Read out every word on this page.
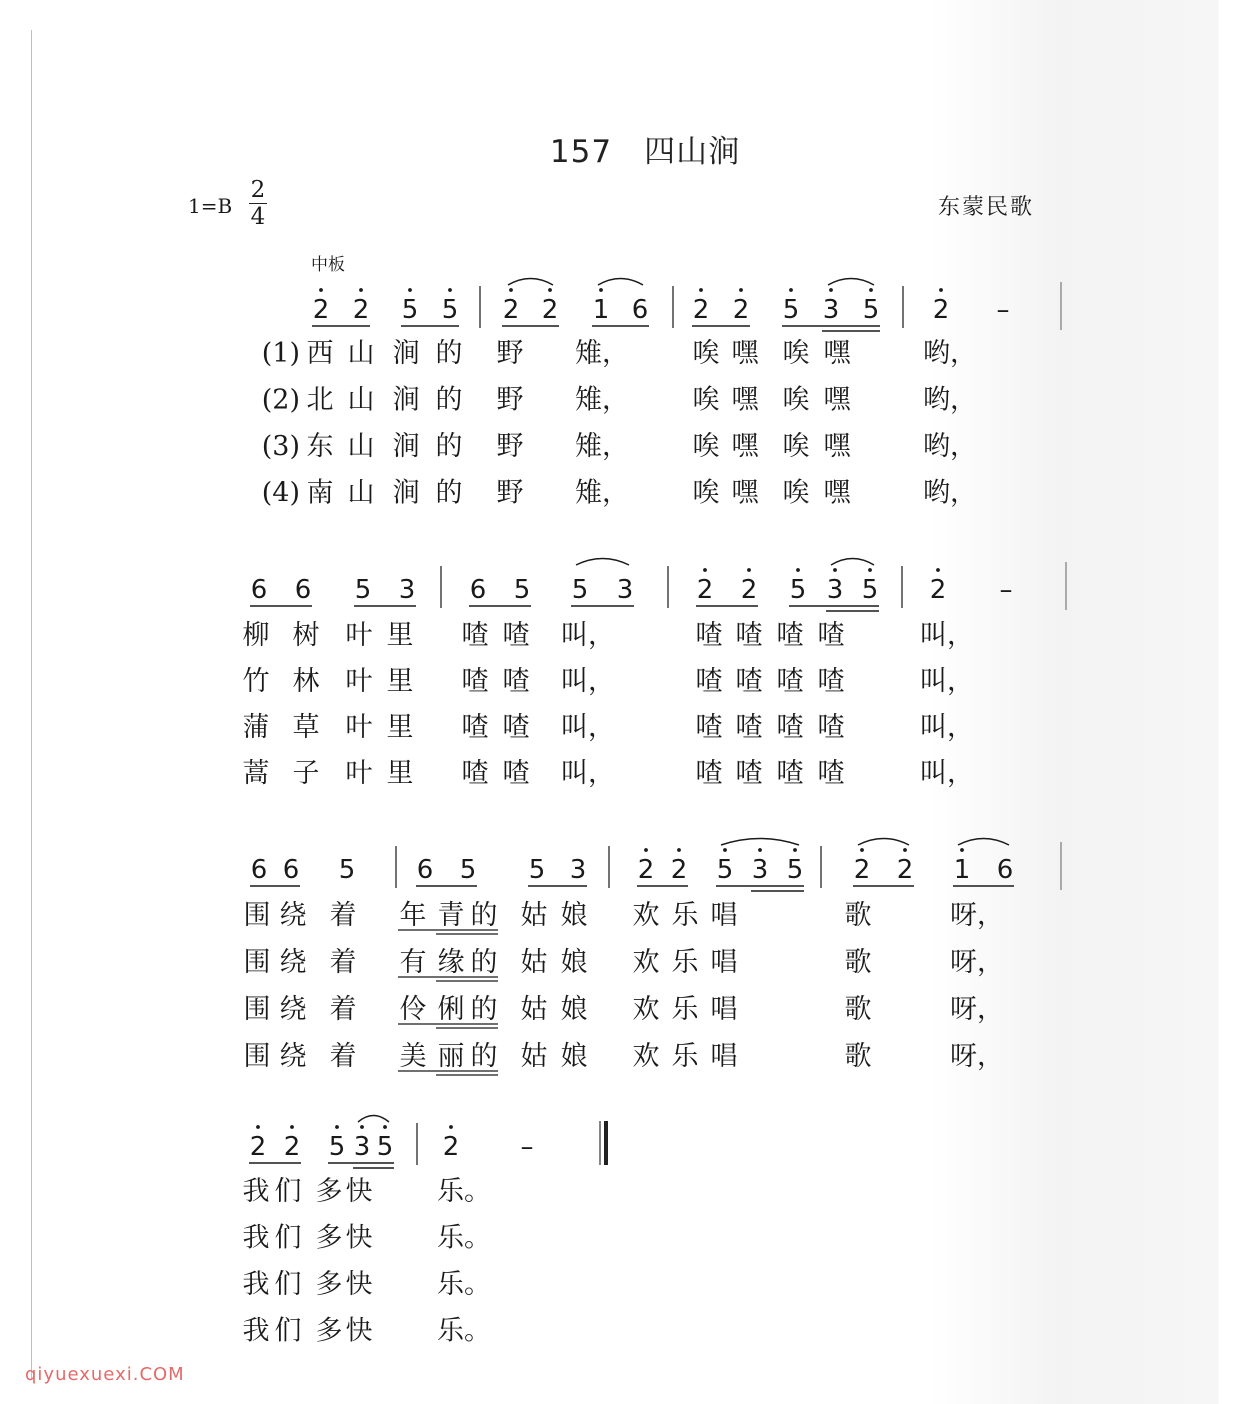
157　四山涧
1=B
2
4	东蒙民歌
中板
2 2 5 5 2 2 1 6 2 2 5 3 5 2 –
(1) 西 山 涧 的 野 雉， 唉 嘿 唉 嘿	哟，
(2) 北 山 涧 的 野 雉， 唉 嘿 唉 嘿	哟，
(3) 东 山 涧 的 野 雉， 唉 嘿 唉 嘿	哟，
(4) 南 山 涧 的 野 雉， 唉 嘿 唉 嘿	哟，
6 6 5 3 6 5 5 3 2 2 5 3 5 2 –
柳 树 叶 里 喳 喳 叫，	喳 喳 喳 喳	叫，
竹 林 叶 里 喳 喳 叫，	喳 喳 喳 喳	叫，
蒲 草 叶 里 喳 喳 叫，	喳 喳 喳 喳	叫，
蒿 子 叶 里 喳 喳 叫，	喳 喳 喳 喳	叫，
6 6 5 6 5 5 3 2 2 5 3 5 2 2 1 6
围 绕 着 年 青 的 姑 娘 欢 乐 唱	歌	呀，
围 绕 着 有 缘 的 姑 娘 欢 乐 唱	歌	呀，
围 绕 着 伶 俐 的 姑 娘 欢 乐 唱	歌	呀，
围 绕 着 美 丽 的 姑 娘 欢 乐 唱	歌	呀，
2 2 5 3 5 2 –
我 们 多 快 乐。
我 们 多 快 乐。
我 们 多 快 乐。
我 们 多 快 乐。
qiyuexuexi.COM
